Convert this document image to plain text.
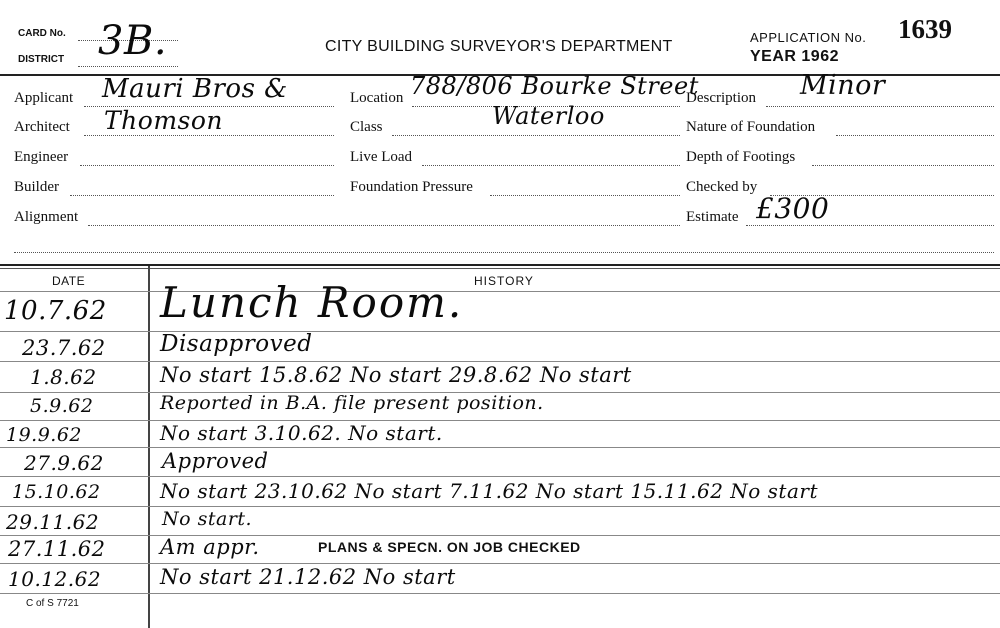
CARD No.
DISTRICT 3B.	CITY BUILDING SURVEYOR'S DEPARTMENT
APPLICATION No. 1639
YEAR 1962
Applicant Mauri Bros &
Architect Thomson
Engineer
Builder
Alignment
Location 788/806 Bourke Street
Class	Waterloo
Live Load
Foundation Pressure
Description Minor
Nature of Foundation
Depth of Footings
Checked by
Estimate £300
DATE	HISTORY
10.7.62 Lunch Room.
23.7.62 Disapproved
1.8.62	No start 15.8.62 No start 29.8.62 No start
5.9.62	Reported in B.A. file present position.
19.9.62	No start 3.10.62. No start.
27.9.62	Approved
15.10.62	No start 23.10.62 No start 7.11.62 No start 15.11.62 No start
29.11.62	No start.
27.11.62	Am appr.	PLANS & SPECN. ON JOB CHECKED
10.12.62	No start 21.12.62 No start
C of S 7721
